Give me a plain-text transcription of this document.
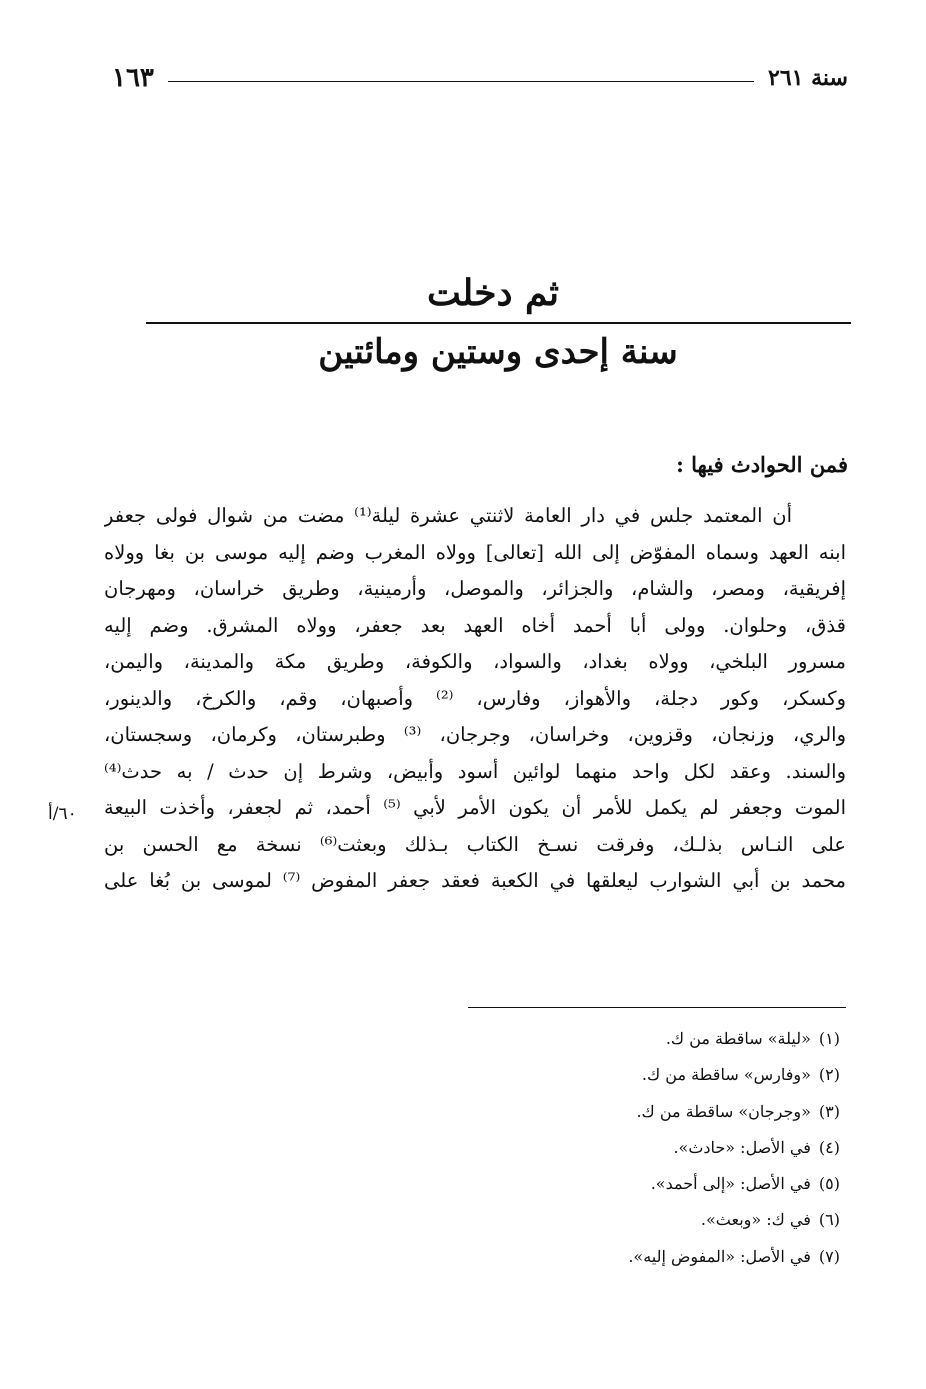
سنة ٢٦١
١٦٣
ثم دخلت
سنة إحدى وستين ومائتين
فمن الحوادث فيها :
أن المعتمد جلس في دار العامة لاثنتي عشرة ليلة⁽¹⁾ مضت من شوال فولى جعفر
ابنه العهد وسماه المفوّض إلى الله [تعالى] وولاه المغرب وضم إليه موسى بن بغا وولاه
إفريقية، ومصر، والشام، والجزائر، والموصل، وأرمينية، وطريق خراسان، ومهرجان
قذق، وحلوان. وولى أبا أحمد أخاه العهد بعد جعفر، وولاه المشرق. وضم إليه
مسرور البلخي، وولاه بغداد، والسواد، والكوفة، وطريق مكة والمدينة، واليمن،
وكسكر، وكور دجلة، والأهواز، وفارس، ⁽²⁾ وأصبهان، وقم، والكرخ، والدينور،
والري، وزنجان، وقزوين، وخراسان، وجرجان، ⁽³⁾ وطبرستان، وكرمان، وسجستان،
والسند. وعقد لكل واحد منهما لوائين أسود وأبيض، وشرط إن حدث / به حدث⁽⁴⁾
الموت وجعفر لم يكمل للأمر أن يكون الأمر لأبي ⁽⁵⁾ أحمد، ثم لجعفر، وأخذت البيعة
على النـاس بذلـك، وفرقت نسـخ الكتاب بـذلك وبعثت⁽⁶⁾ نسخة مع الحسن بن
محمد بن أبي الشوارب ليعلقها في الكعبة فعقد جعفر المفوض ⁽⁷⁾ لموسى بن بُغا على
٦٠/أ
(١)«ليلة» ساقطة من ك.
(٢)«وفارس» ساقطة من ك.
(٣)«وجرجان» ساقطة من ك.
(٤)في الأصل: «حادث».
(٥)في الأصل: «إلى أحمد».
(٦)في ك: «وبعث».
(٧)في الأصل: «المفوض إليه».
